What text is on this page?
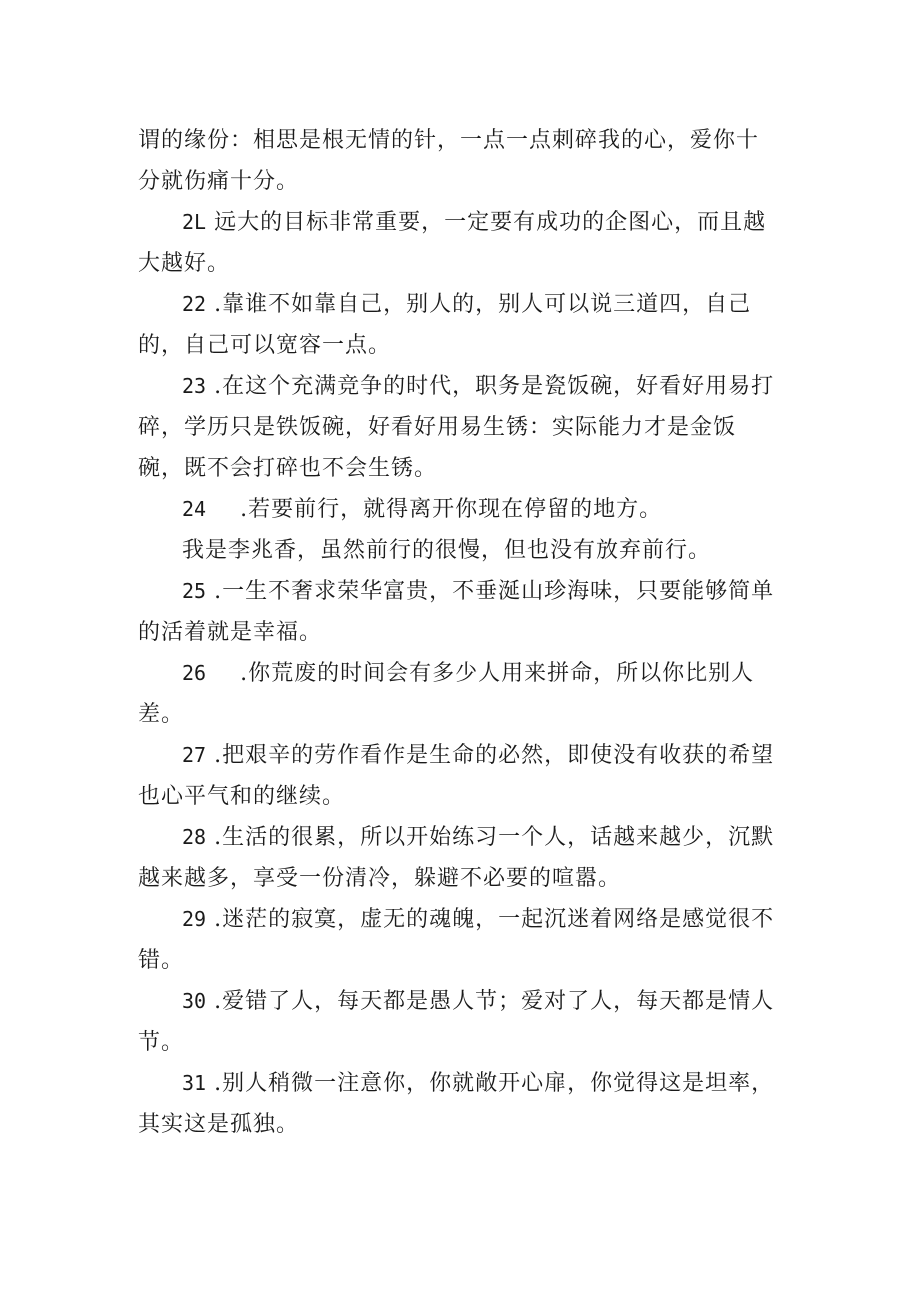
谓的缘份：相思是根无情的针，一点一点刺碎我的心，爱你十分就伤痛十分。

2L 远大的目标非常重要，一定要有成功的企图心，而且越大越好。

22 .靠谁不如靠自己，别人的，别人可以说三道四，自己的，自己可以宽容一点。

23 .在这个充满竞争的时代，职务是瓷饭碗，好看好用易打碎，学历只是铁饭碗，好看好用易生锈：实际能力才是金饭碗，既不会打碎也不会生锈。

24 .若要前行，就得离开你现在停留的地方。

我是李兆香，虽然前行的很慢，但也没有放弃前行。

25 .一生不奢求荣华富贵，不垂涎山珍海味，只要能够简单的活着就是幸福。

26 .你荒废的时间会有多少人用来拼命，所以你比别人差。

27 .把艰辛的劳作看作是生命的必然，即使没有收获的希望也心平气和的继续。

28 .生活的很累，所以开始练习一个人，话越来越少，沉默越来越多，享受一份清冷，躲避不必要的喧嚣。

29 .迷茫的寂寞，虚无的魂魄，一起沉迷着网络是感觉很不错。

30 .爱错了人，每天都是愚人节；爱对了人，每天都是情人节。

31 .别人稍微一注意你，你就敞开心扉，你觉得这是坦率，其实这是孤独。
